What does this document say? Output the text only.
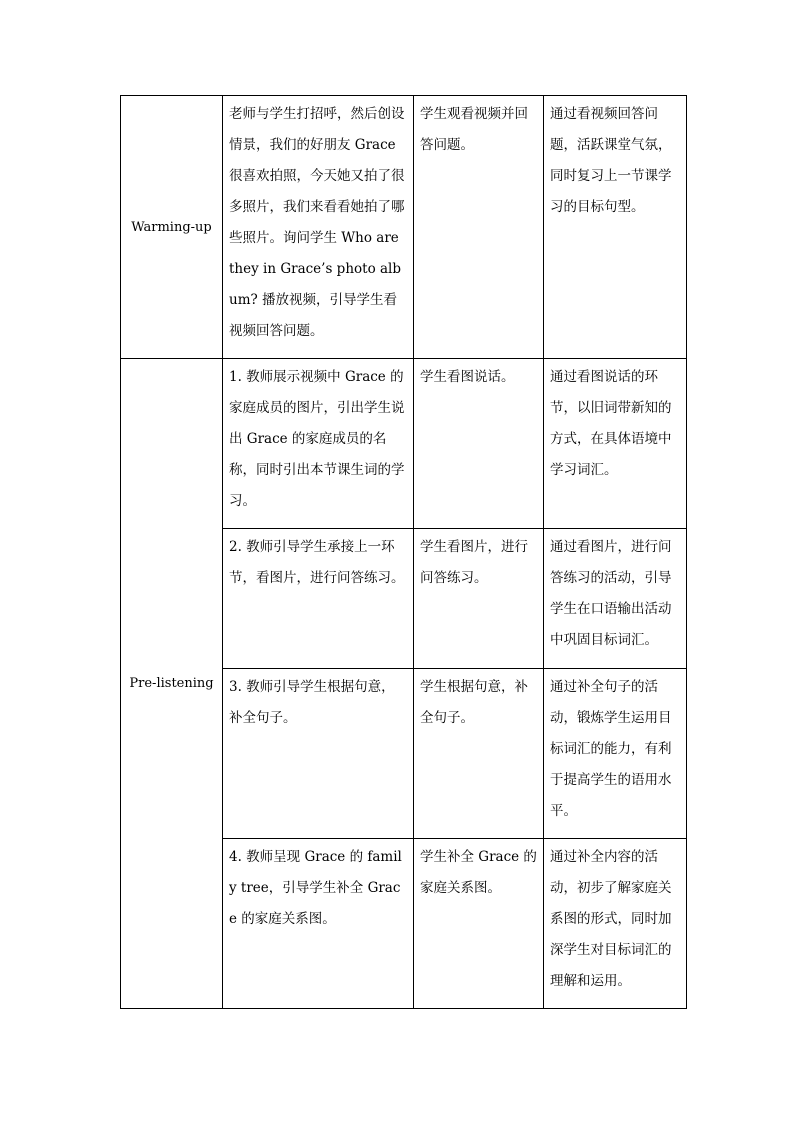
Warming-up	老师与学生打招呼，然后创设情景，我们的好朋友 Grace 很喜欢拍照，今天她又拍了很多照片，我们来看看她拍了哪些照片。询问学生 Who are they in Grace’s photo album? 播放视频，引导学生看视频回答问题。	学生观看视频并回答问题。	通过看视频回答问题，活跃课堂气氛，同时复习上一节课学习的目标句型。
Pre-listening	1. 教师展示视频中 Grace 的家庭成员的图片，引出学生说出 Grace 的家庭成员的名称，同时引出本节课生词的学习。	学生看图说话。	通过看图说话的环节，以旧词带新知的方式，在具体语境中学习词汇。
	2. 教师引导学生承接上一环节，看图片，进行问答练习。	学生看图片，进行问答练习。	通过看图片，进行问答练习的活动，引导学生在口语输出活动中巩固目标词汇。
	3. 教师引导学生根据句意，补全句子。	学生根据句意，补全句子。	通过补全句子的活动，锻炼学生运用目标词汇的能力，有利于提高学生的语用水平。
	4. 教师呈现 Grace 的 family tree，引导学生补全 Grace 的家庭关系图。	学生补全 Grace 的家庭关系图。	通过补全内容的活动，初步了解家庭关系图的形式，同时加深学生对目标词汇的理解和运用。
